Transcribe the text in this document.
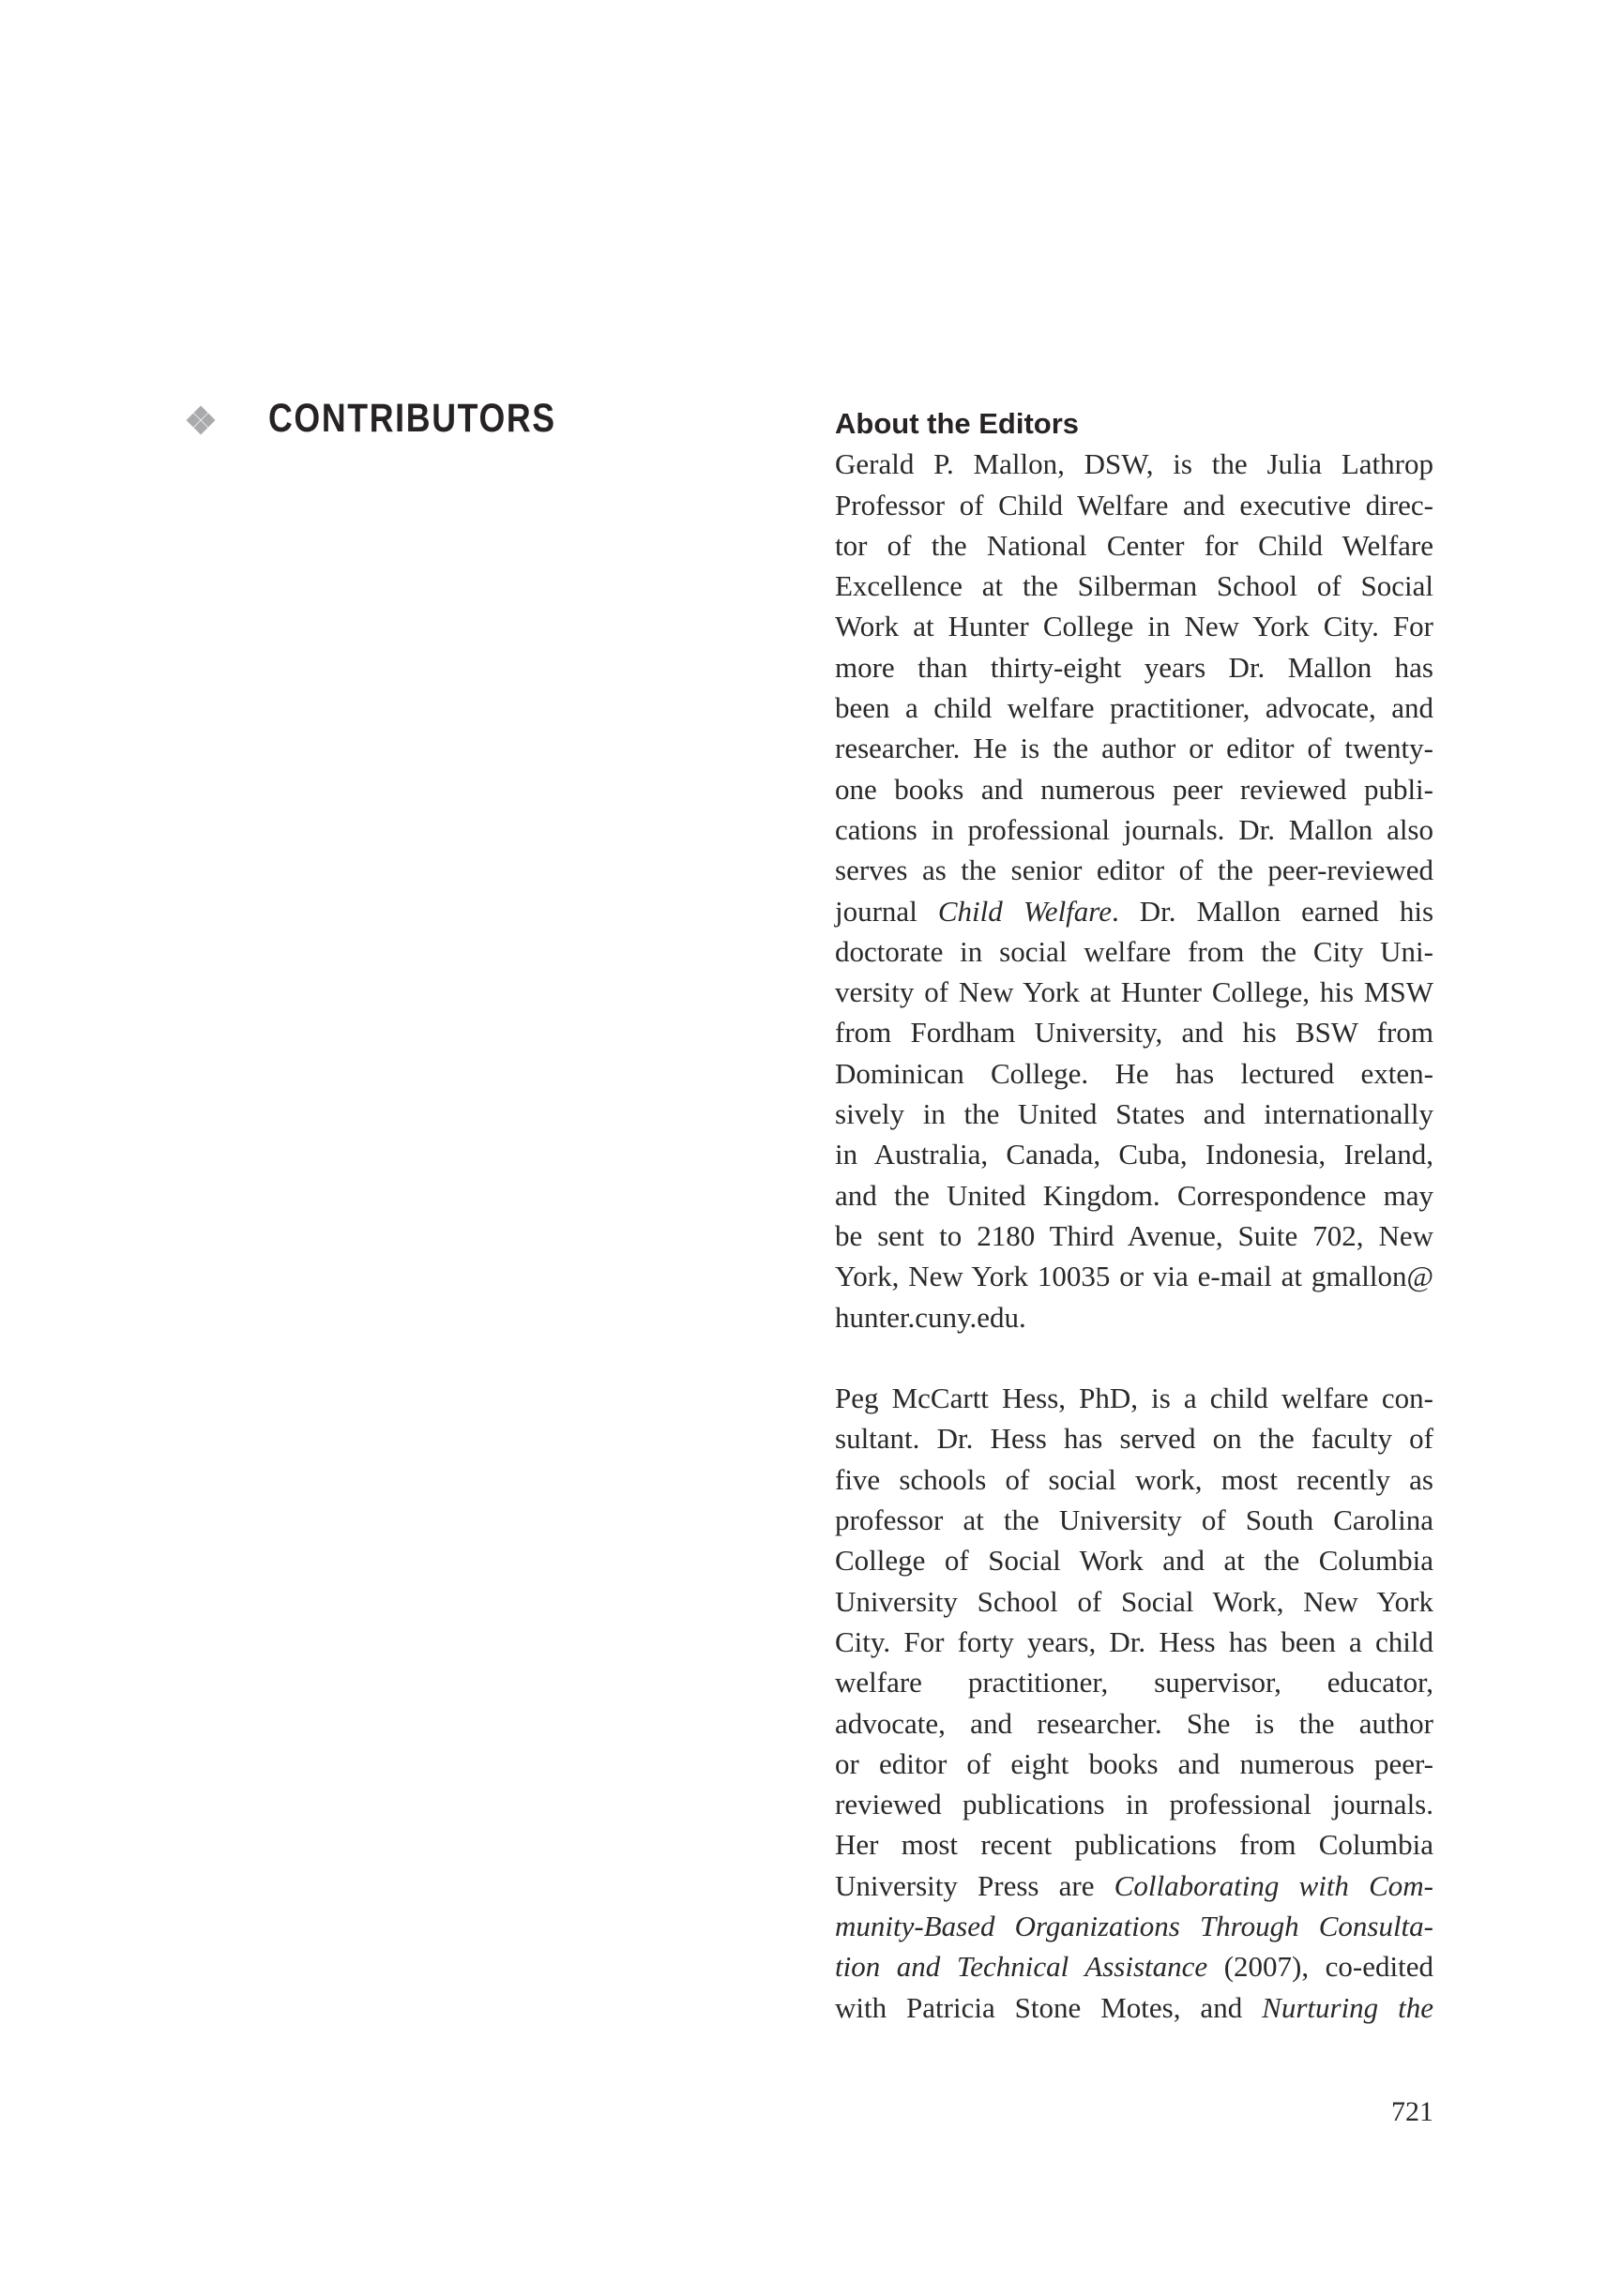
CONTRIBUTORS	About the Editors
Gerald P. Mallon, DSW, is the Julia Lathrop
Professor of Child Welfare and executive direc-
tor of the National Center for Child Welfare
Excellence at the Silberman School of Social
Work at Hunter College in New York City. For
more than thirty-eight years Dr. Mallon has
been a child welfare practitioner, advocate, and
researcher. He is the author or editor of twenty-
one books and numerous peer reviewed publi-
cations in professional journals. Dr. Mallon also
serves as the senior editor of the peer-reviewed
journal Child Welfare. Dr. Mallon earned his
doctorate in social welfare from the City Uni-
versity of New York at Hunter College, his MSW
from Fordham University, and his BSW from
Dominican College. He has lectured exten-
sively in the United States and internationally
in Australia, Canada, Cuba, Indonesia, Ireland,
and the United Kingdom. Correspondence may
be sent to 2180 Third Avenue, Suite 702, New
York, New York 10035 or via e-mail at gmallon@
hunter.cuny.edu.
Peg McCartt Hess, PhD, is a child welfare con-
sultant. Dr. Hess has served on the faculty of
five schools of social work, most recently as
professor at the University of South Carolina
College of Social Work and at the Columbia
University School of Social Work, New York
City. For forty years, Dr. Hess has been a child
welfare practitioner, supervisor, educator,
advocate, and researcher. She is the author
or editor of eight books and numerous peer-
reviewed publications in professional journals.
Her most recent publications from Columbia
University Press are Collaborating with Com-
munity-Based Organizations Through Consulta-
tion and Technical Assistance (2007), co-edited
with Patricia Stone Motes, and Nurturing the
721
